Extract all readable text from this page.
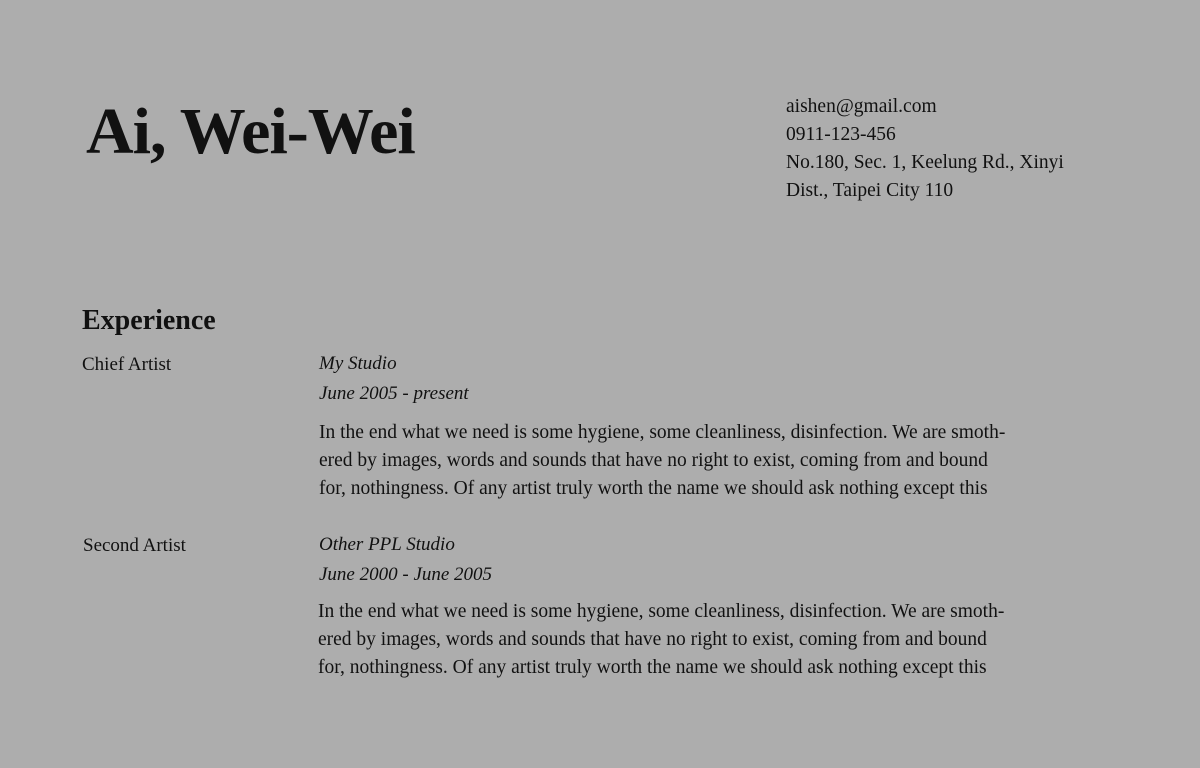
Ai, Wei-Wei	aishen@gmail.com
0911-123-456
No.180, Sec. 1, Keelung Rd., Xinyi
Dist., Taipei City 110
Experience
Chief Artist	My Studio
June 2005 - present
In the end what we need is some hygiene, some cleanliness, disinfection. We are smoth-
ered by images, words and sounds that have no right to exist, coming from and bound
for, nothingness. Of any artist truly worth the name we should ask nothing except this
Second Artist	Other PPL Studio
June 2000 - June 2005
In the end what we need is some hygiene, some cleanliness, disinfection. We are smoth-
ered by images, words and sounds that have no right to exist, coming from and bound
for, nothingness. Of any artist truly worth the name we should ask nothing except this
